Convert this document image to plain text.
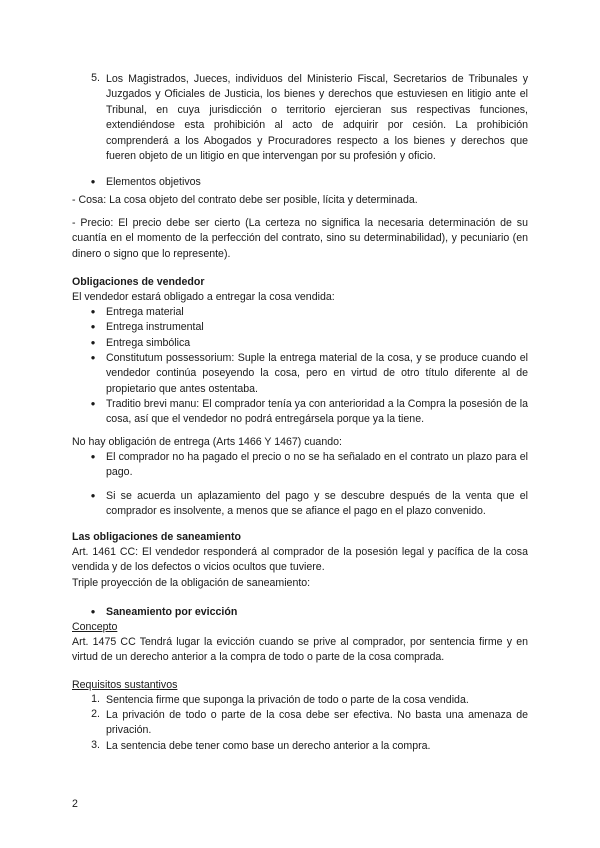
5. Los Magistrados, Jueces, individuos del Ministerio Fiscal, Secretarios de Tribunales y Juzgados y Oficiales de Justicia, los bienes y derechos que estuviesen en litigio ante el Tribunal, en cuya jurisdicción o territorio ejercieran sus respectivas funciones, extendiéndose esta prohibición al acto de adquirir por cesión. La prohibición comprenderá a los Abogados y Procuradores respecto a los bienes y derechos que fueren objeto de un litigio en que intervengan por su profesión y oficio.

● Elementos objetivos

- Cosa: La cosa objeto del contrato debe ser posible, lícita y determinada.

- Precio: El precio debe ser cierto (La certeza no significa la necesaria determinación de su cuantía en el momento de la perfección del contrato, sino su determinabilidad), y pecuniario (en dinero o signo que lo represente).

Obligaciones de vendedor

El vendedor estará obligado a entregar la cosa vendida:

● Entrega material

● Entrega instrumental

● Entrega simbólica

● Constitutum possessorium: Suple la entrega material de la cosa, y se produce cuando el vendedor continúa poseyendo la cosa, pero en virtud de otro título diferente al de propietario que antes ostentaba.

● Traditio brevi manu: El comprador tenía ya con anterioridad a la Compra la posesión de la cosa, así que el vendedor no podrá entregársela porque ya la tiene.

No hay obligación de entrega (Arts 1466 Y 1467) cuando:

● El comprador no ha pagado el precio o no se ha señalado en el contrato un plazo para el pago.

● Si se acuerda un aplazamiento del pago y se descubre después de la venta que el comprador es insolvente, a menos que se afiance el pago en el plazo convenido.

Las obligaciones de saneamiento

Art. 1461 CC: El vendedor responderá al comprador de la posesión legal y pacífica de la cosa vendida y de los defectos o vicios ocultos que tuviere.

Triple proyección de la obligación de saneamiento:

● Saneamiento por evicción

Concepto

Art. 1475 CC Tendrá lugar la evicción cuando se prive al comprador, por sentencia firme y en virtud de un derecho anterior a la compra de todo o parte de la cosa comprada.

Requisitos sustantivos

1. Sentencia firme que suponga la privación de todo o parte de la cosa vendida.

2. La privación de todo o parte de la cosa debe ser efectiva. No basta una amenaza de privación.

3. La sentencia debe tener como base un derecho anterior a la compra.

2
